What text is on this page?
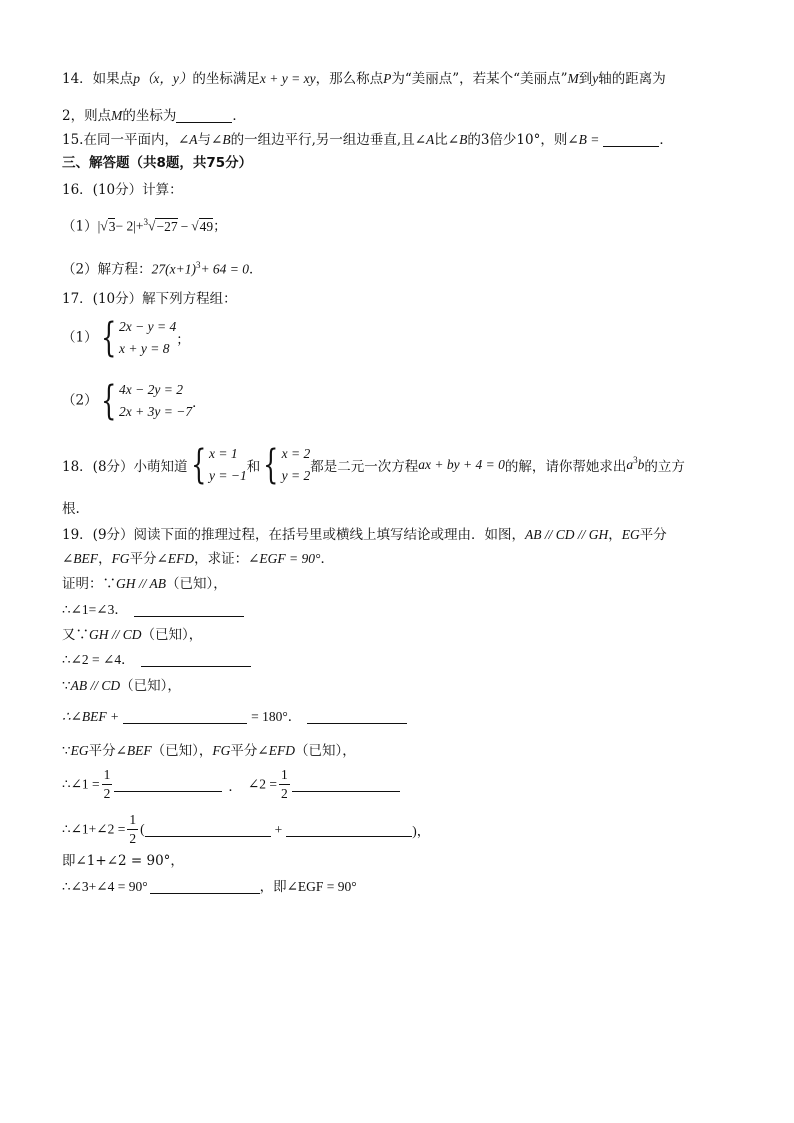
14．如果点p（x，y）的坐标满足x + y = xy，那么称点P为“美丽点”，若某个“美丽点”M到y轴的距离为
2，则点M的坐标为	．
15.在同一平面内，∠A与∠B的一组边平行,另一组边垂直,且∠A比∠B的3倍少10°，则∠B =	．
三、解答题（共8题，共75分）
16．(10分）计算：
（1）|√3− 2|+$^3$√−27 − √49；
（2）解方程：$27(x+1)^3+ 64 = 0$．
17．(10分）解下列方程组：
（1） { 2x − y = 4
x + y = 8
；
（2） { 4x − 2y = 2
2x + 3y = −7
．
18．(8分）小萌知道 { x = 1
y = −1
和 { x = 2
y = 2
都是二元一次方程ax + by + 4 = 0的解，请你帮她求出$a^3b$的立方
根.
19．(9分）阅读下面的推理过程，在括号里或横线上填写结论或理由．如图，AB // CD // GH，EG平分
∠BEF，FG平分∠EFD，求证：∠EGF = 90°．
证明：∵GH // AB（已知），
∴∠1=∠3．
又∵GH // CD（已知），
∴∠2 = ∠4．
∵AB // CD（已知），
∴∠BEF +	= 180°．
∵EG平分∠BEF（已知），FG平分∠EFD（已知），
∴∠1 = $\frac{1}{2}$	． ∠2 = $\frac{1}{2}$
∴∠1+∠2 = $\frac{1}{2}$ (	+	)，
即∠1+∠2 = 90°，
∴∠3+∠4 = 90°	，即∠EGF = 90°
